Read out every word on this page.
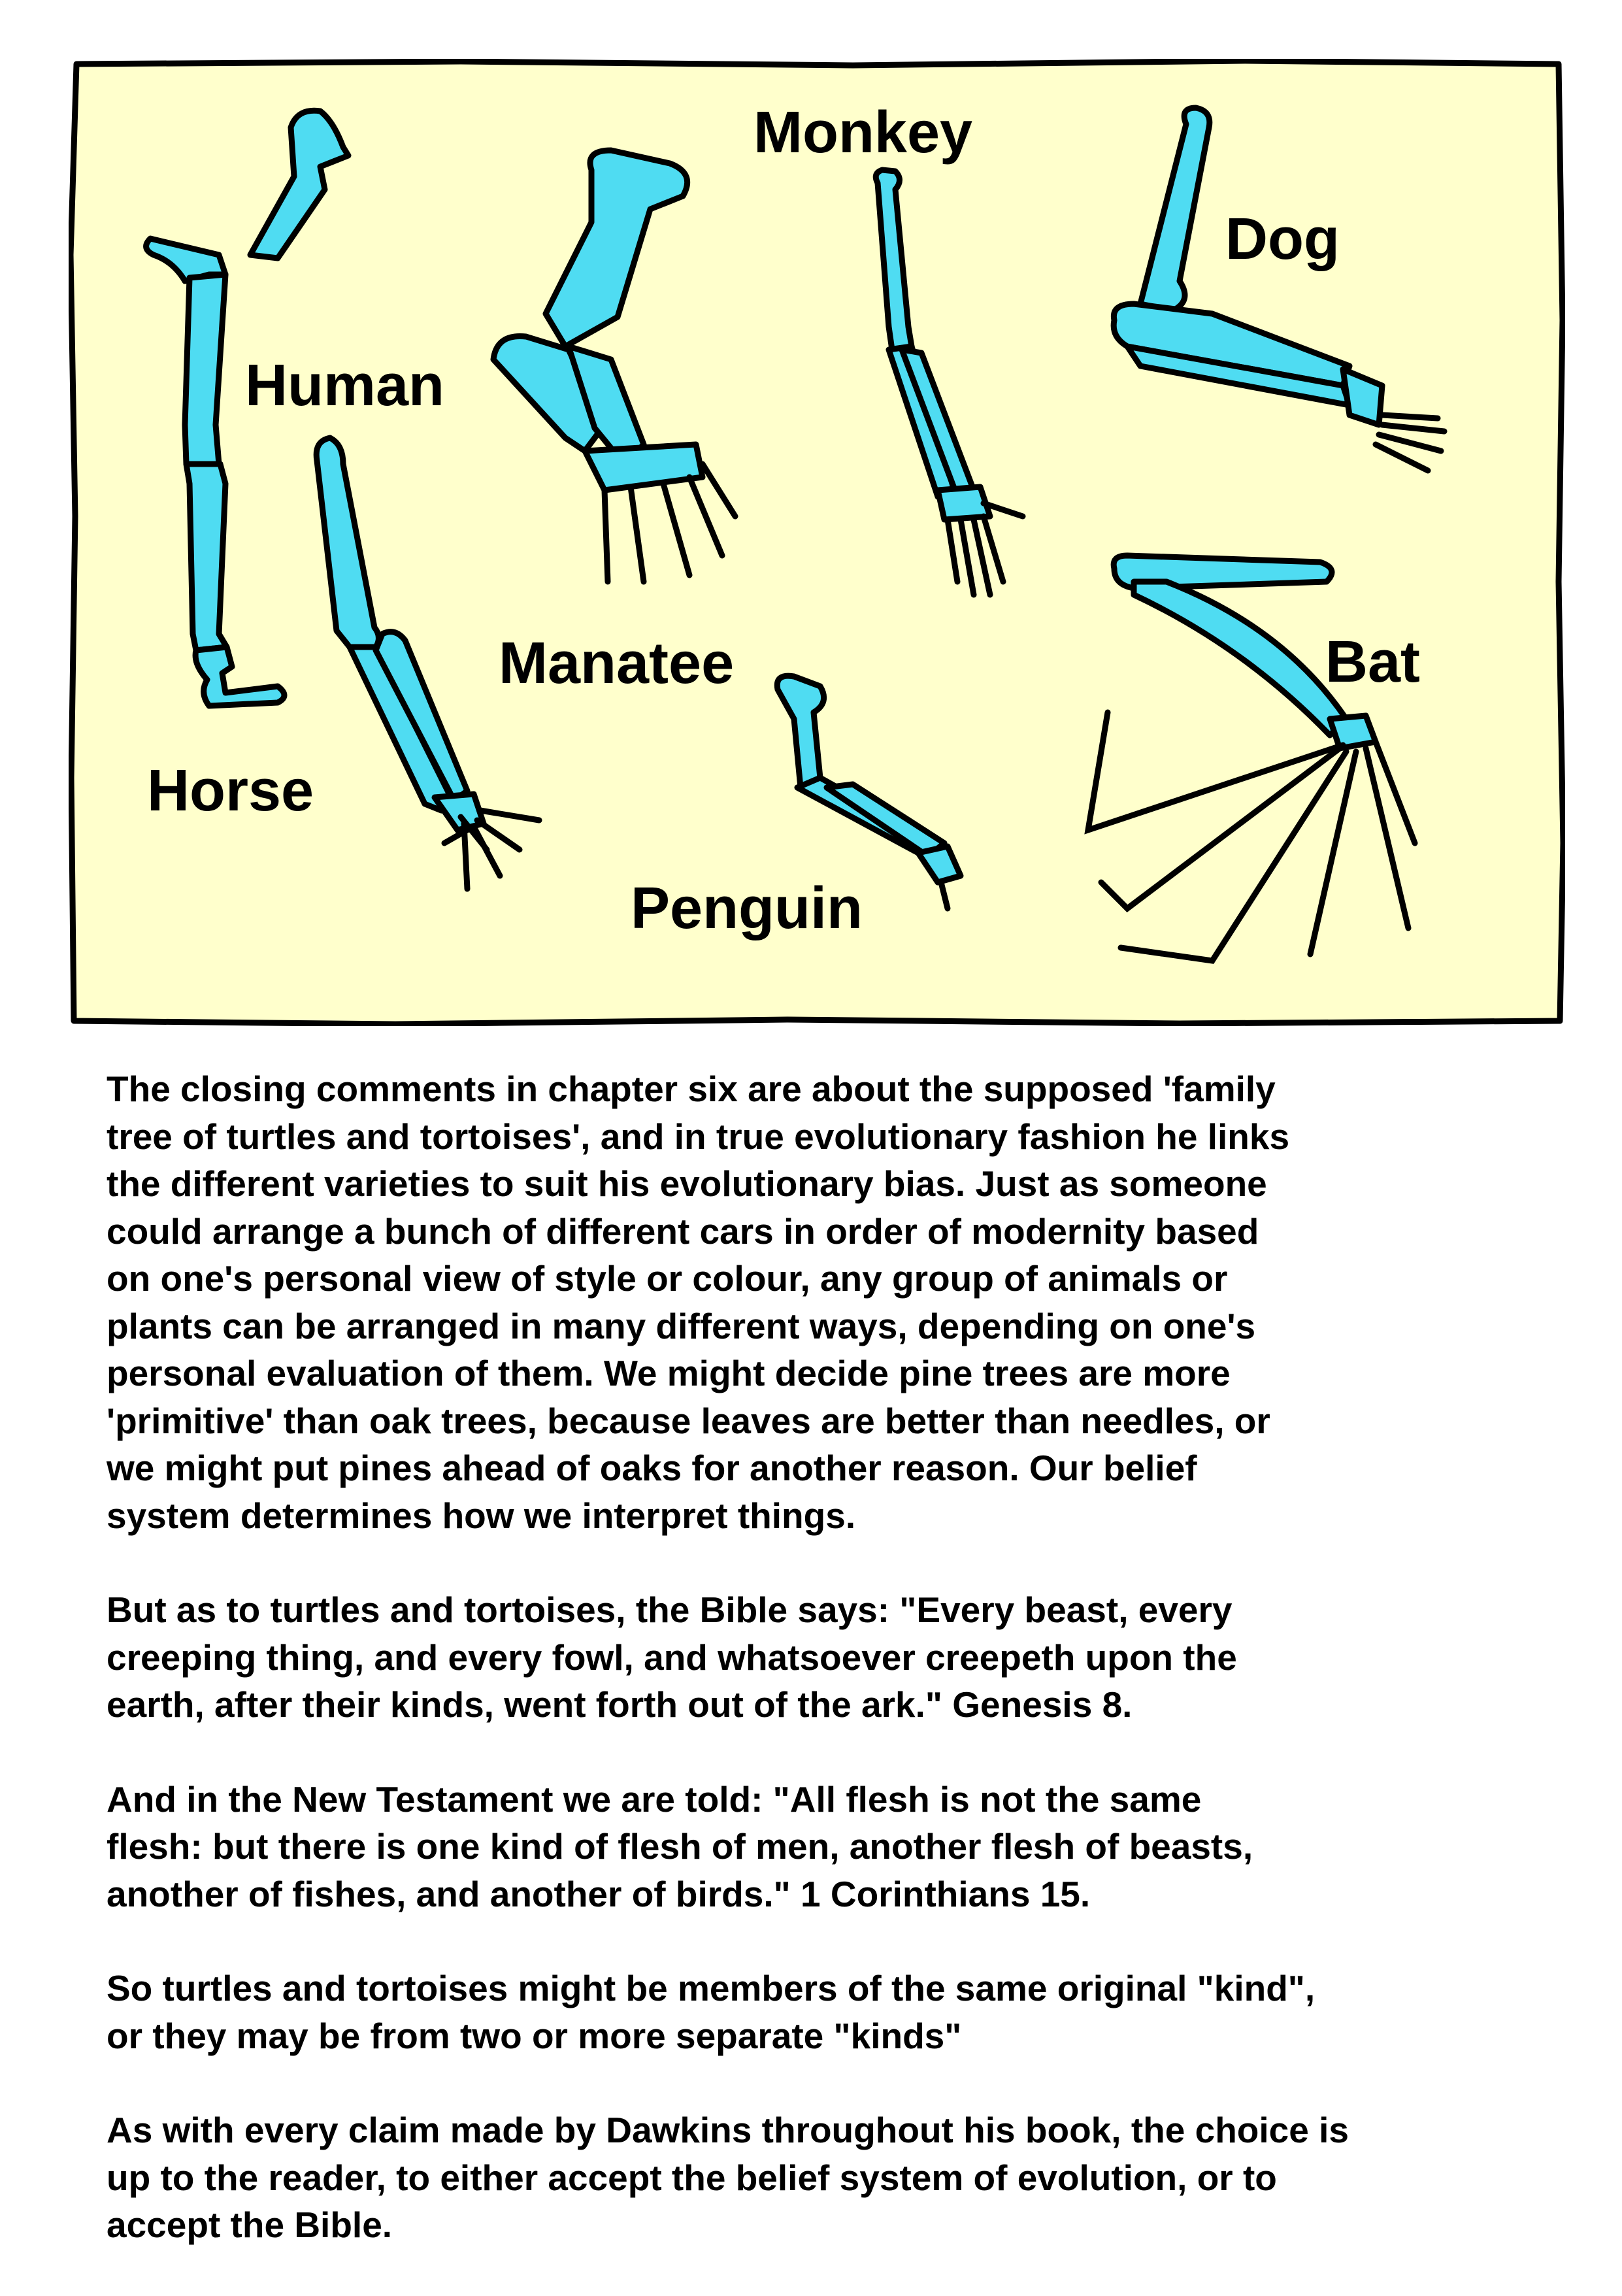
Monkey
Dog
Human
Manatee	Bat
Horse
Penguin

The closing comments in chapter six are about the supposed 'family
tree of turtles and tortoises', and in true evolutionary fashion he links
the different varieties to suit his evolutionary bias. Just as someone
could arrange a bunch of different cars in order of modernity based
on one's personal view of style or colour, any group of animals or
plants can be arranged in many different ways, depending on one's
personal evaluation of them. We might decide pine trees are more
'primitive' than oak trees, because leaves are better than needles, or
we might put pines ahead of oaks for another reason. Our belief
system determines how we interpret things.

But as to turtles and tortoises, the Bible says: "Every beast, every
creeping thing, and every fowl, and whatsoever creepeth upon the
earth, after their kinds, went forth out of the ark." Genesis 8.

And in the New Testament we are told: "All flesh is not the same
flesh: but there is one kind of flesh of men, another flesh of beasts,
another of fishes, and another of birds." 1 Corinthians 15.

So turtles and tortoises might be members of the same original "kind",
or they may be from two or more separate "kinds"

As with every claim made by Dawkins throughout his book, the choice is
up to the reader, to either accept the belief system of evolution, or to
accept the Bible.
